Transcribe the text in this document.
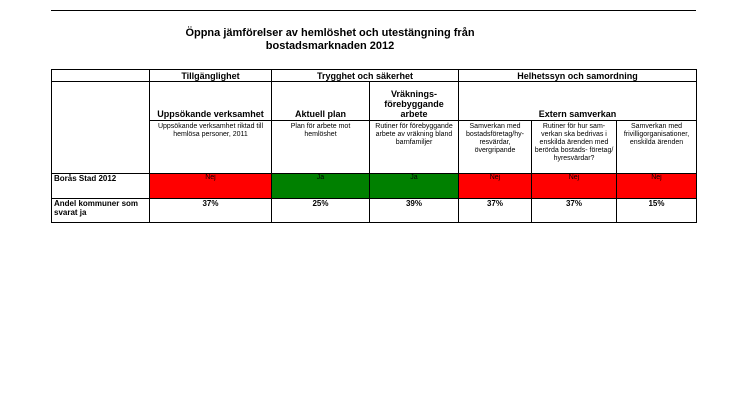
Öppna jämförelser av hemlöshet och utestängning från
bostadsmarknaden 2012
	Tillgänglighet	Trygghet och säkerhet		Helhetssyn och samordning		
	Uppsökande verksamhet	Aktuell plan	Vräknings-förebyggande arbete	Extern samverkan		
	Uppsökande verksamhet riktad till hemlösa personer, 2011	Plan för arbete mot hemlöshet	Rutiner för förebyggande arbete av vräkning bland barnfamiljer	Samverkan med bostadsföretag/hy-resvärdar, övergripande	Rutiner för hur sam-verkan ska bedrivas i enskilda ärenden med berörda bostads- företag/ hyresvärdar?	Samverkan med frivilligorganisationer, enskilda ärenden
Borås Stad 2012	Nej	Ja	Ja	Nej	Nej	Nej
Andel kommuner som svarat ja	37%	25%	39%	37%	37%	15%
